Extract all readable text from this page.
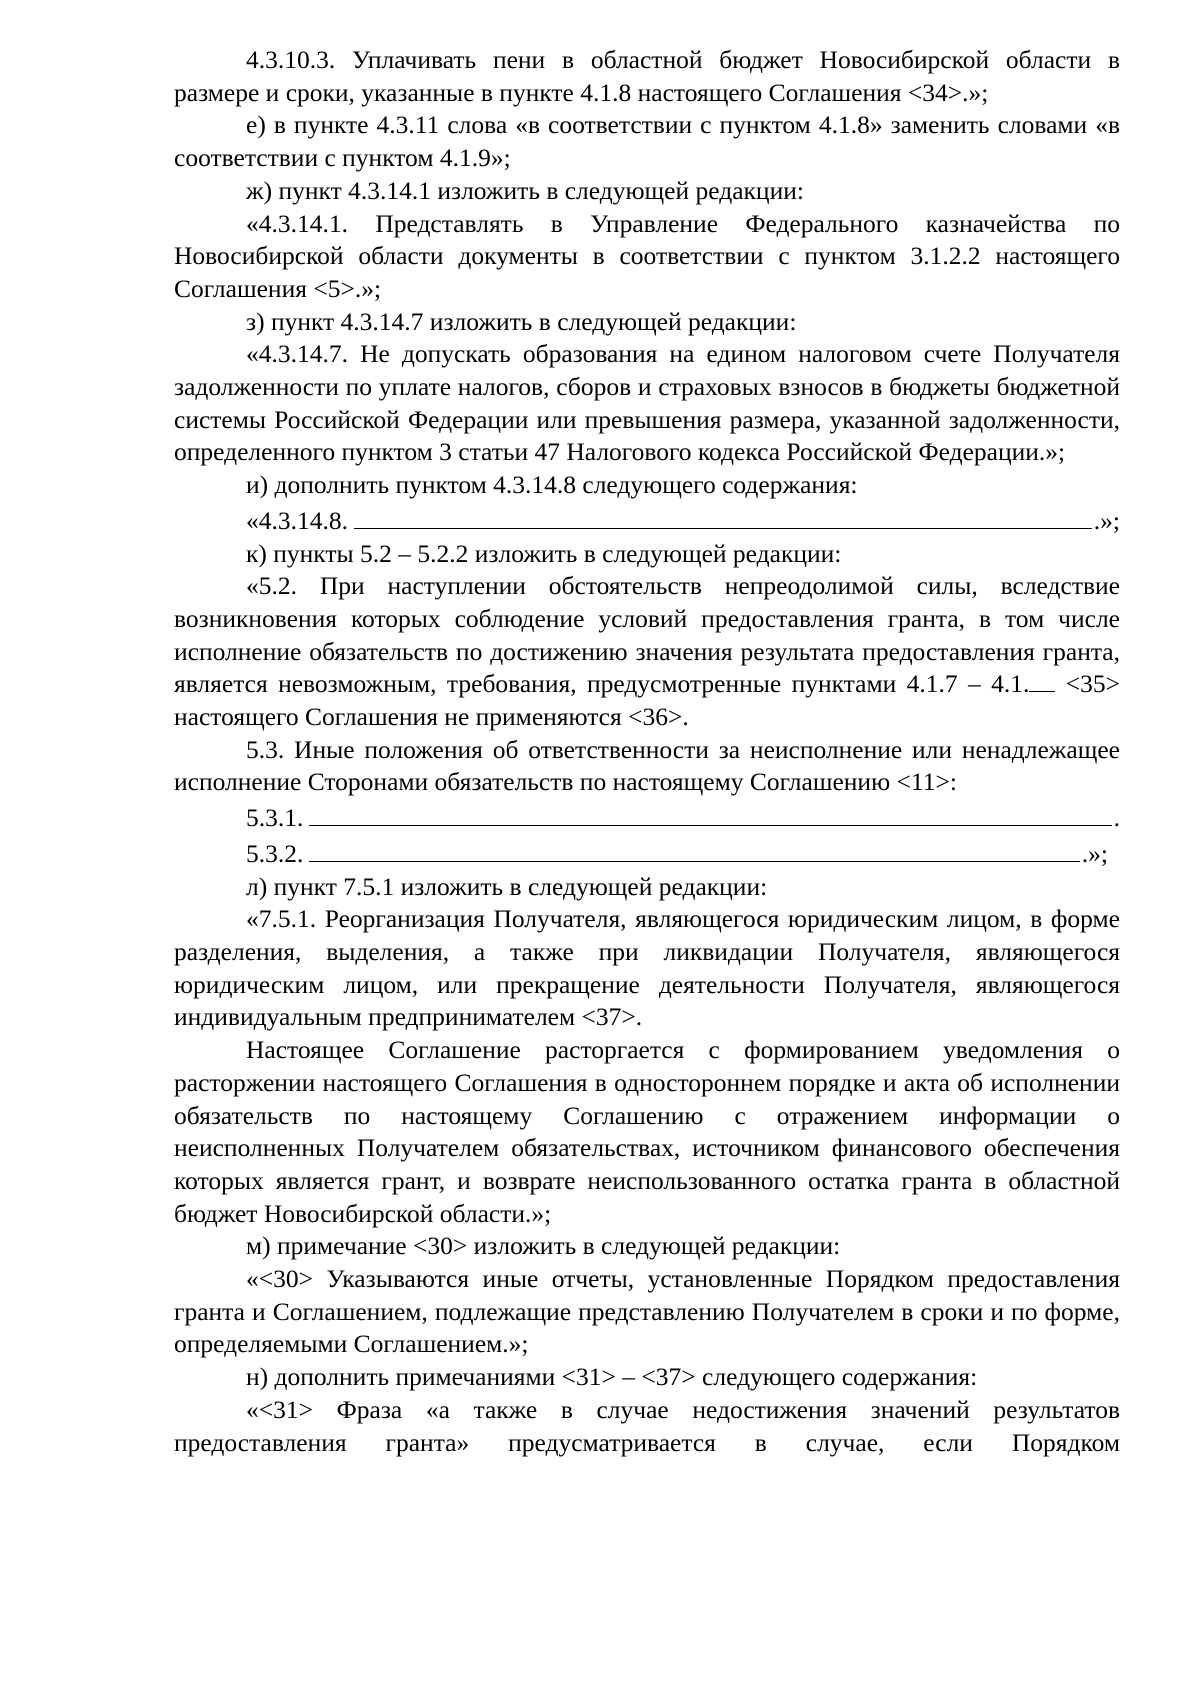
4.3.10.3. Уплачивать пени в областной бюджет Новосибирской области в размере и сроки, указанные в пункте 4.1.8 настоящего Соглашения <34>.»;

е) в пункте 4.3.11 слова «в соответствии с пунктом 4.1.8» заменить словами «в соответствии с пунктом 4.1.9»;

ж) пункт 4.3.14.1 изложить в следующей редакции:

«4.3.14.1. Представлять в Управление Федерального казначейства по Новосибирской области документы в соответствии с пунктом 3.1.2.2 настоящего Соглашения <5>.»;

з) пункт 4.3.14.7 изложить в следующей редакции:

«4.3.14.7. Не допускать образования на едином налоговом счете Получателя задолженности по уплате налогов, сборов и страховых взносов в бюджеты бюджетной системы Российской Федерации или превышения размера, указанной задолженности, определенного пунктом 3 статьи 47 Налогового кодекса Российской Федерации.»;

и) дополнить пунктом 4.3.14.8 следующего содержания:

«4.3.14.8.	.»;

к) пункты 5.2 – 5.2.2 изложить в следующей редакции:

«5.2. При наступлении обстоятельств непреодолимой силы, вследствие возникновения которых соблюдение условий предоставления гранта, в том числе исполнение обязательств по достижению значения результата предоставления гранта, является невозможным, требования, предусмотренные пунктами 4.1.7 – 4.1. <35> настоящего Соглашения не применяются <36>.

5.3. Иные положения об ответственности за неисполнение или ненадлежащее исполнение Сторонами обязательств по настоящему Соглашению <11>:

5.3.1.	.

5.3.2.	.»;

л) пункт 7.5.1 изложить в следующей редакции:

«7.5.1. Реорганизация Получателя, являющегося юридическим лицом, в форме разделения, выделения, а также при ликвидации Получателя, являющегося юридическим лицом, или прекращение деятельности Получателя, являющегося индивидуальным предпринимателем <37>.

Настоящее Соглашение расторгается с формированием уведомления о расторжении настоящего Соглашения в одностороннем порядке и акта об исполнении обязательств по настоящему Соглашению с отражением информации о неисполненных Получателем обязательствах, источником финансового обеспечения которых является грант, и возврате неиспользованного остатка гранта в областной бюджет Новосибирской области.»;

м) примечание <30> изложить в следующей редакции:

«<30> Указываются иные отчеты, установленные Порядком предоставления гранта и Соглашением, подлежащие представлению Получателем в сроки и по форме, определяемыми Соглашением.»;

н) дополнить примечаниями <31> – <37> следующего содержания:

«<31> Фраза «а также в случае недостижения значений результатов предоставления гранта» предусматривается в случае, если Порядком
